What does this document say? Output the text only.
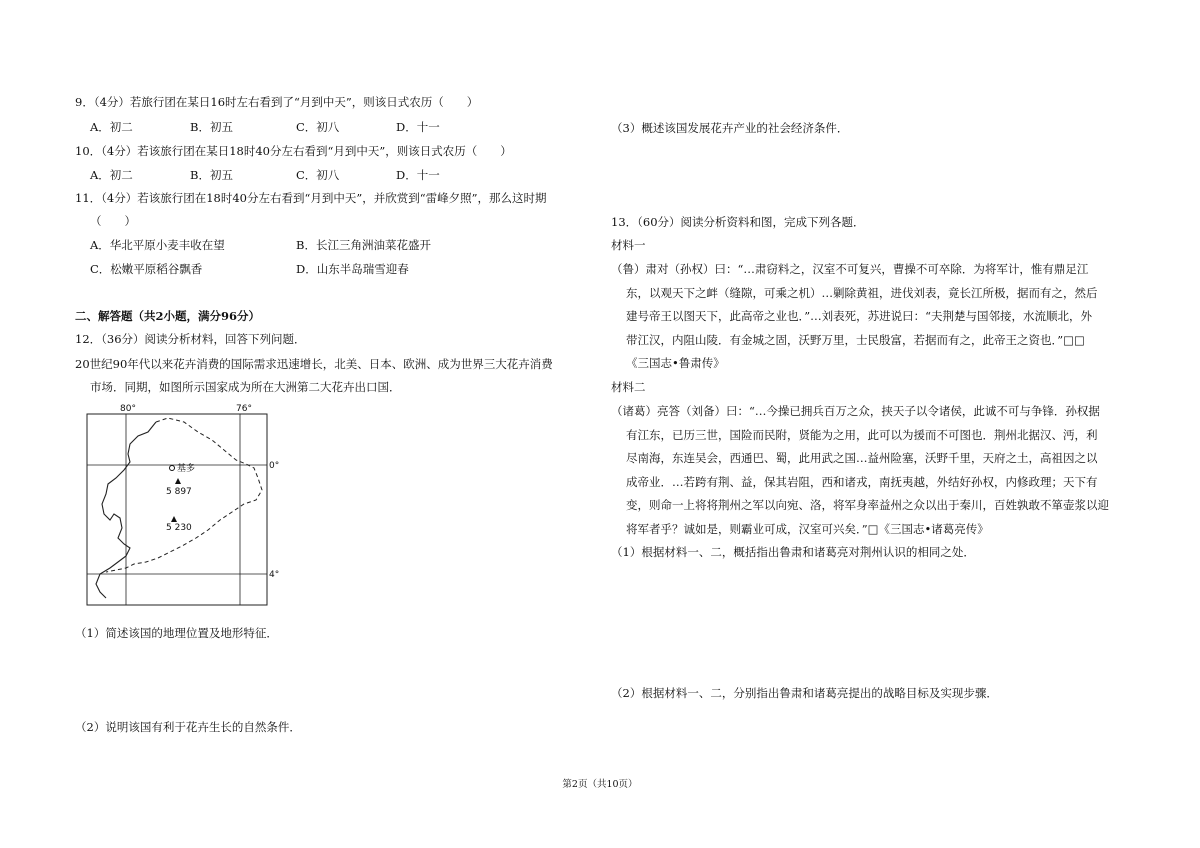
9．（4分）若旅行团在某日16时左右看到了“月到中天”，则该日式农历（　　）
A．初二	B．初五	C．初八	D．十一
10．（4分）若该旅行团在某日18时40分左右看到“月到中天”，则该日式农历（　　）
A．初二	B．初五	C．初八	D．十一
11．（4分）若该旅行团在18时40分左右看到“月到中天”，并欣赏到“雷峰夕照”，那么这时期
（　　）
A．华北平原小麦丰收在望	B．长江三角洲油菜花盛开
C．松嫩平原稻谷飘香	D．山东半岛瑞雪迎春
二、解答题（共2小题，满分96分）
12．（36分）阅读分析材料，回答下列问题．
20世纪90年代以来花卉消费的国际需求迅速增长，北美、日本、欧洲、成为世界三大花卉消费
市场．同期，如图所示国家成为所在大洲第二大花卉出口国．
80°	76°
0°
4°
基多
5 897
5 230
（1）简述该国的地理位置及地形特征．
（2）说明该国有利于花卉生长的自然条件．
（3）概述该国发展花卉产业的社会经济条件．
13．（60分）阅读分析资料和图，完成下列各题．
材料一
（鲁）肃对（孙权）曰：“…肃窃料之，汉室不可复兴，曹操不可卒除．为将军计，惟有鼎足江
东，以观天下之衅（缝隙，可乘之机）…剿除黄祖，进伐刘表，竟长江所极，据而有之，然后
建号帝王以图天下，此高帝之业也．”…刘表死，苏进说曰：“夫荆楚与国邻接，水流顺北，外
带江汉，内阻山陵．有金城之固，沃野万里，士民殷富，若据而有之，此帝王之资也．”□□
《三国志•鲁肃传》
材料二
（诸葛）亮答（刘备）曰：“…今操已拥兵百万之众，挟天子以令诸侯，此诚不可与争锋．孙权据
有江东，已历三世，国险而民附，贤能为之用，此可以为援而不可图也．荆州北据汉、沔，利
尽南海，东连吴会，西通巴、蜀，此用武之国…益州险塞，沃野千里，天府之土，高祖因之以
成帝业．…若跨有荆、益，保其岩阻，西和诸戎，南抚夷越，外结好孙权，内修政理；天下有
变，则命一上将将荆州之军以向宛、洛，将军身率益州之众以出于秦川，百姓孰敢不箪壶浆以迎
将军者乎？诚如是，则霸业可成，汉室可兴矣．”□《三国志•诸葛亮传》
（1）根据材料一、二，概括指出鲁肃和诸葛亮对荆州认识的相同之处．
（2）根据材料一、二，分别指出鲁肃和诸葛亮提出的战略目标及实现步骤．
第2页（共10页）
